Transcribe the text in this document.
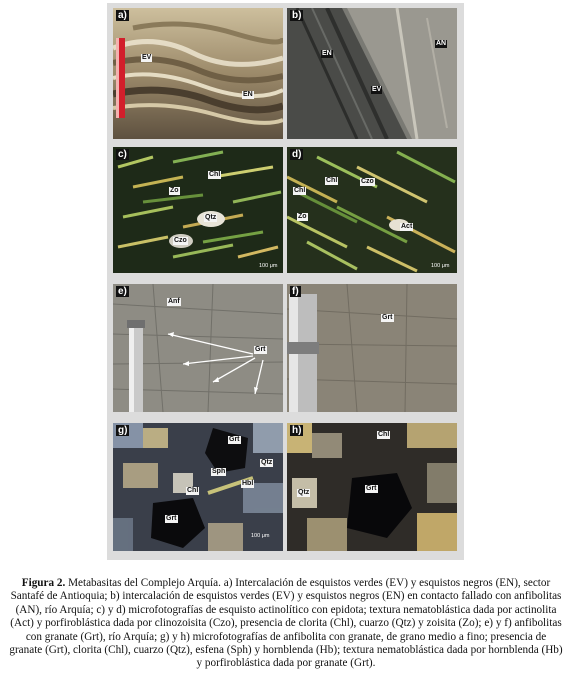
a)
EV
EN
b)
EN
AN
EV
c)
Chl
Zo
Qtz
Czo
100 μm
d)
Chl	Czo
Chl
Zo
Act
100 μm
e)
Anf
Grt
f)
Grt
g)
Grt
Qtz
Sph
Hbl
Chl
Grt
100 μm
h)	Chl
Qtz
Grt
Figura 2. Metabasitas del Complejo Arquía. a) Intercalación de esquistos verdes (EV) y esquistos negros (EN), sector Santafé de Antioquia; b) intercalación de esquistos verdes (EV) y esquistos negros (EN) en contacto fallado con anfibolitas (AN), río Arquía; c) y d) microfotografías de esquisto actinolítico con epidota; textura nematoblástica dada por actinolita (Act) y porfiroblástica dada por clinozoisita (Czo), presencia de clorita (Chl), cuarzo (Qtz) y zoisita (Zo); e) y f) anfibolitas con granate (Grt), río Arquía; g) y h) microfotografías de anfibolita con granate, de grano medio a fino; presencia de granate (Grt), clorita (Chl), cuarzo (Qtz), esfena (Sph) y hornblenda (Hb); textura nematoblástica dada por hornblenda (Hb) y porfiroblástica dada por granate (Grt).
